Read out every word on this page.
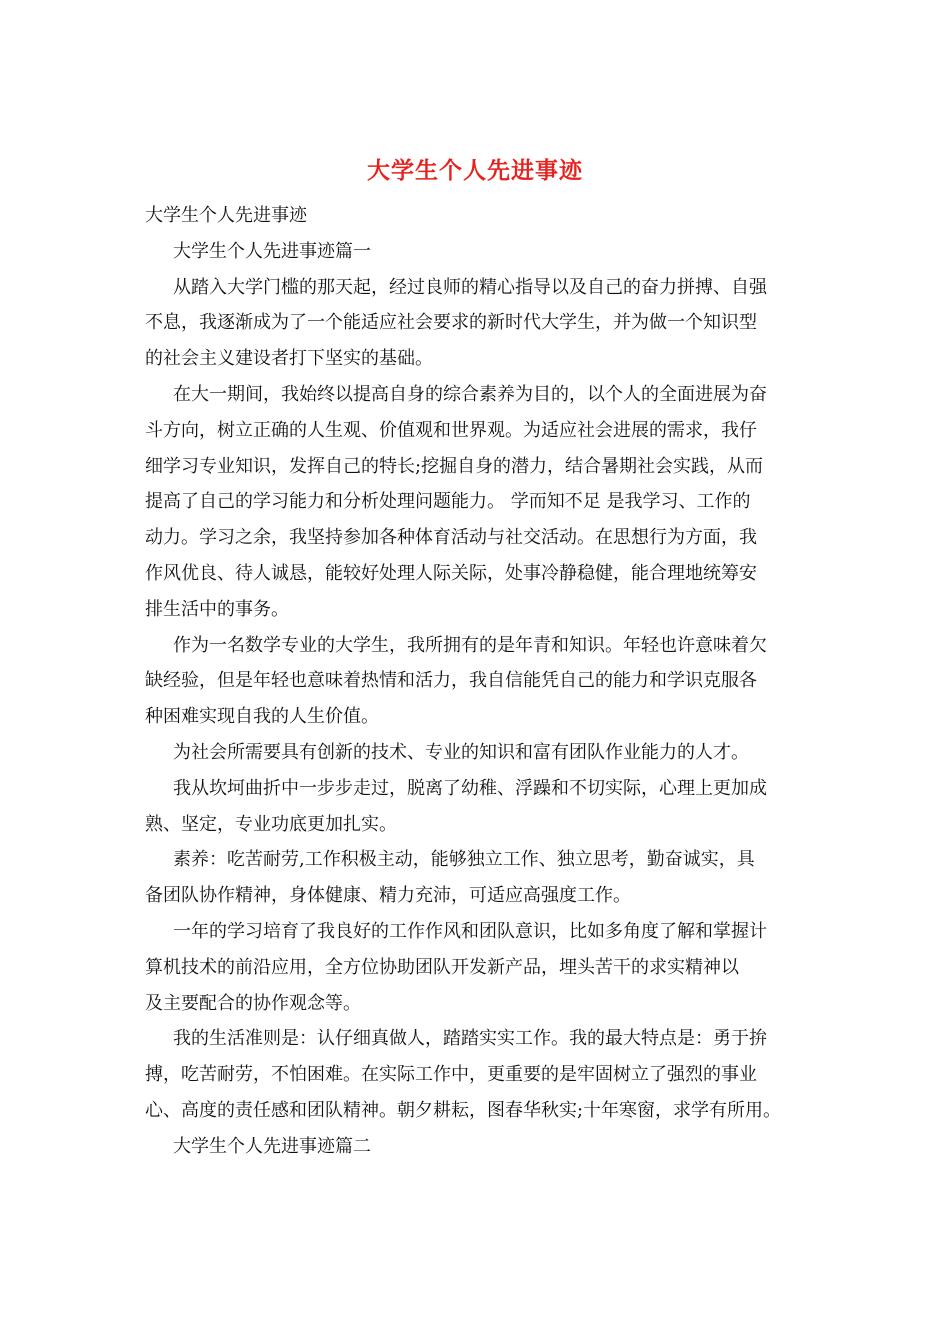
大学生个人先进事迹
大学生个人先进事迹
大学生个人先进事迹篇一
从踏入大学门槛的那天起，经过良师的精心指导以及自己的奋力拼搏、自强
不息，我逐渐成为了一个能适应社会要求的新时代大学生，并为做一个知识型
的社会主义建设者打下坚实的基础。
在大一期间，我始终以提高自身的综合素养为目的，以个人的全面进展为奋
斗方向，树立正确的人生观、价值观和世界观。为适应社会进展的需求，我仔
细学习专业知识，发挥自己的特长;挖掘自身的潜力，结合暑期社会实践，从而
提高了自己的学习能力和分析处理问题能力。 学而知不足 是我学习、工作的
动力。学习之余，我坚持参加各种体育活动与社交活动。在思想行为方面，我
作风优良、待人诚恳，能较好处理人际关际，处事冷静稳健，能合理地统筹安
排生活中的事务。
作为一名数学专业的大学生，我所拥有的是年青和知识。年轻也许意味着欠
缺经验，但是年轻也意味着热情和活力，我自信能凭自己的能力和学识克服各
种困难实现自我的人生价值。
为社会所需要具有创新的技术、专业的知识和富有团队作业能力的人才。
我从坎坷曲折中一步步走过，脱离了幼稚、浮躁和不切实际，心理上更加成
熟、坚定，专业功底更加扎实。
素养：吃苦耐劳,工作积极主动，能够独立工作、独立思考，勤奋诚实，具
备团队协作精神，身体健康、精力充沛，可适应高强度工作。
一年的学习培育了我良好的工作作风和团队意识，比如多角度了解和掌握计
算机技术的前沿应用，全方位协助团队开发新产品，埋头苦干的求实精神以
及主要配合的协作观念等。
我的生活准则是：认仔细真做人，踏踏实实工作。我的最大特点是：勇于拚
搏，吃苦耐劳，不怕困难。在实际工作中，更重要的是牢固树立了强烈的事业
心、高度的责任感和团队精神。朝夕耕耘，图春华秋实;十年寒窗，求学有所用。
大学生个人先进事迹篇二
